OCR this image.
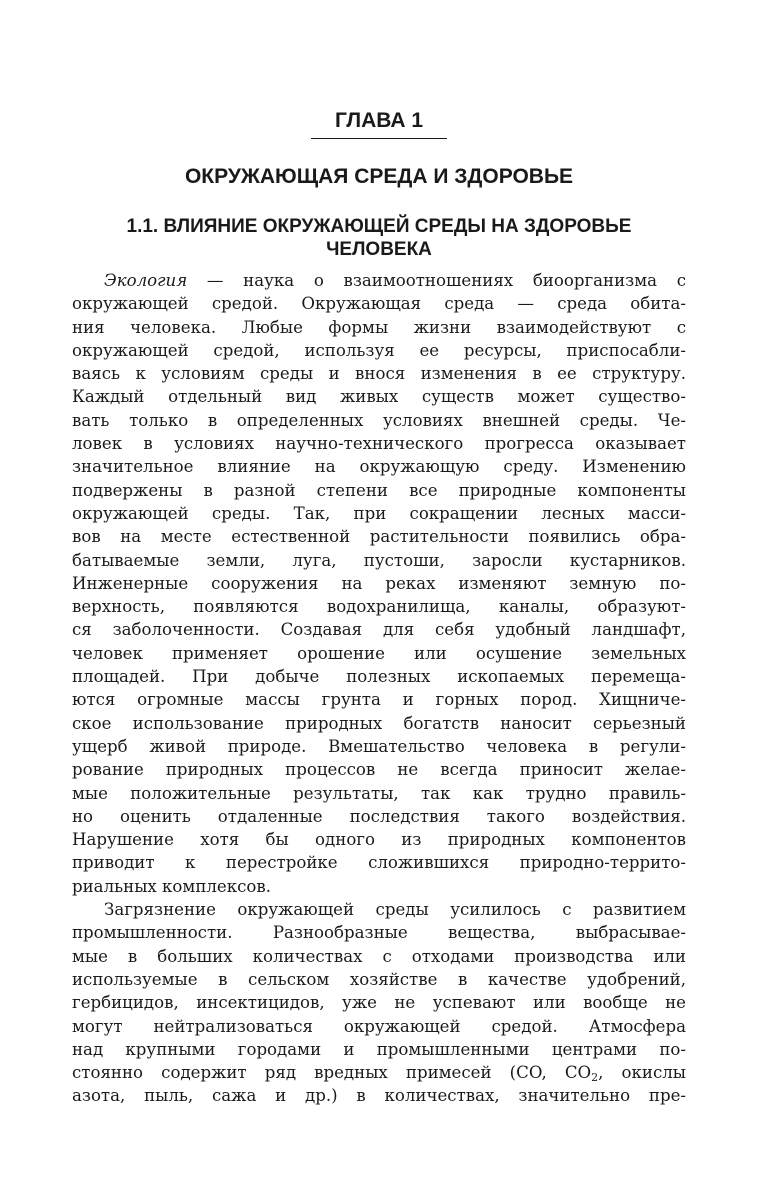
ГЛАВА 1
ОКРУЖАЮЩАЯ СРЕДА И ЗДОРОВЬЕ
1.1. ВЛИЯНИЕ ОКРУЖАЮЩЕЙ СРЕДЫ НА ЗДОРОВЬЕ ЧЕЛОВЕКА
Экология — наука о взаимоотношениях биоорганизма с
окружающей средой. Окружающая среда — среда обита-
ния человека. Любые формы жизни взаимодействуют с
окружающей средой, используя ее ресурсы, приспосабли-
ваясь к условиям среды и внося изменения в ее структуру.
Каждый отдельный вид живых существ может существо-
вать только в определенных условиях внешней среды. Че-
ловек в условиях научно-технического прогресса оказывает
значительное влияние на окружающую среду. Изменению
подвержены в разной степени все природные компоненты
окружающей среды. Так, при сокращении лесных масси-
вов на месте естественной растительности появились обра-
батываемые земли, луга, пустоши, заросли кустарников.
Инженерные сооружения на реках изменяют земную по-
верхность, появляются водохранилища, каналы, образуют-
ся заболоченности. Создавая для себя удобный ландшафт,
человек применяет орошение или осушение земельных
площадей. При добыче полезных ископаемых перемеща-
ются огромные массы грунта и горных пород. Хищниче-
ское использование природных богатств наносит серьезный
ущерб живой природе. Вмешательство человека в регули-
рование природных процессов не всегда приносит желае-
мые положительные результаты, так как трудно правиль-
но оценить отдаленные последствия такого воздействия.
Нарушение хотя бы одного из природных компонентов
приводит к перестройке сложившихся природно-террито-
риальных комплексов.
Загрязнение окружающей среды усилилось с развитием
промышленности. Разнообразные вещества, выбрасывае-
мые в больших количествах с отходами производства или
используемые в сельском хозяйстве в качестве удобрений,
гербицидов, инсектицидов, уже не успевают или вообще не
могут нейтрализоваться окружающей средой. Атмосфера
над крупными городами и промышленными центрами по-
стоянно содержит ряд вредных примесей (CO, $CO_2$, окислы
азота, пыль, сажа и др.) в количествах, значительно пре-
